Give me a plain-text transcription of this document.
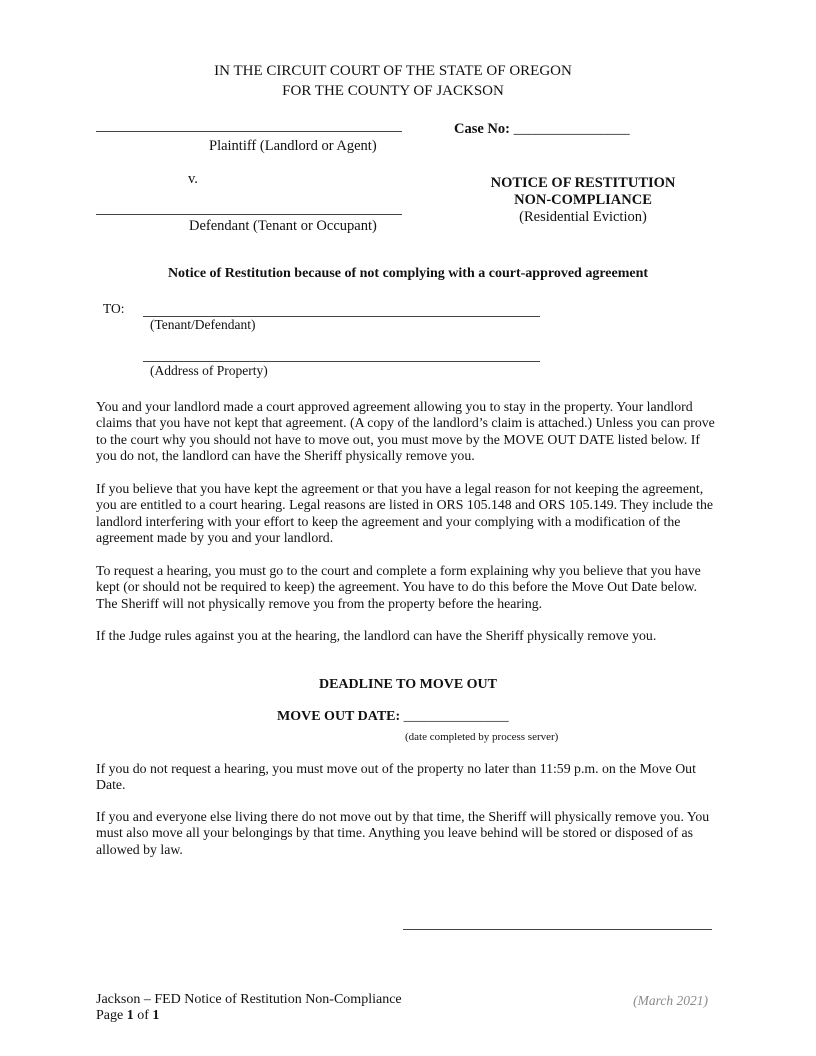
IN THE CIRCUIT COURT OF THE STATE OF OREGON
FOR THE COUNTY OF JACKSON
Plaintiff (Landlord or Agent)
Case No: ________________
v.	NOTICE OF RESTITUTION
NON-COMPLIANCE
(Residential Eviction)
Defendant (Tenant or Occupant)
Notice of Restitution because of not complying with a court-approved agreement
TO:
(Tenant/Defendant)
(Address of Property)
You and your landlord made a court approved agreement allowing you to stay in the property. Your landlord claims that you have not kept that agreement. (A copy of the landlord’s claim is attached.) Unless you can prove to the court why you should not have to move out, you must move by the MOVE OUT DATE listed below. If you do not, the landlord can have the Sheriff physically remove you.
If you believe that you have kept the agreement or that you have a legal reason for not keeping the agreement, you are entitled to a court hearing. Legal reasons are listed in ORS 105.148 and ORS 105.149. They include the landlord interfering with your effort to keep the agreement and your complying with a modification of the agreement made by you and your landlord.
To request a hearing, you must go to the court and complete a form explaining why you believe that you have kept (or should not be required to keep) the agreement. You have to do this before the Move Out Date below. The Sheriff will not physically remove you from the property before the hearing.
If the Judge rules against you at the hearing, the landlord can have the Sheriff physically remove you.
DEADLINE TO MOVE OUT
MOVE OUT DATE: _______________
(date completed by process server)
If you do not request a hearing, you must move out of the property no later than 11:59 p.m. on the Move Out Date.
If you and everyone else living there do not move out by that time, the Sheriff will physically remove you. You must also move all your belongings by that time. Anything you leave behind will be stored or disposed of as allowed by law.
Jackson – FED Notice of Restitution Non-Compliance
Page 1 of 1
(March 2021)
